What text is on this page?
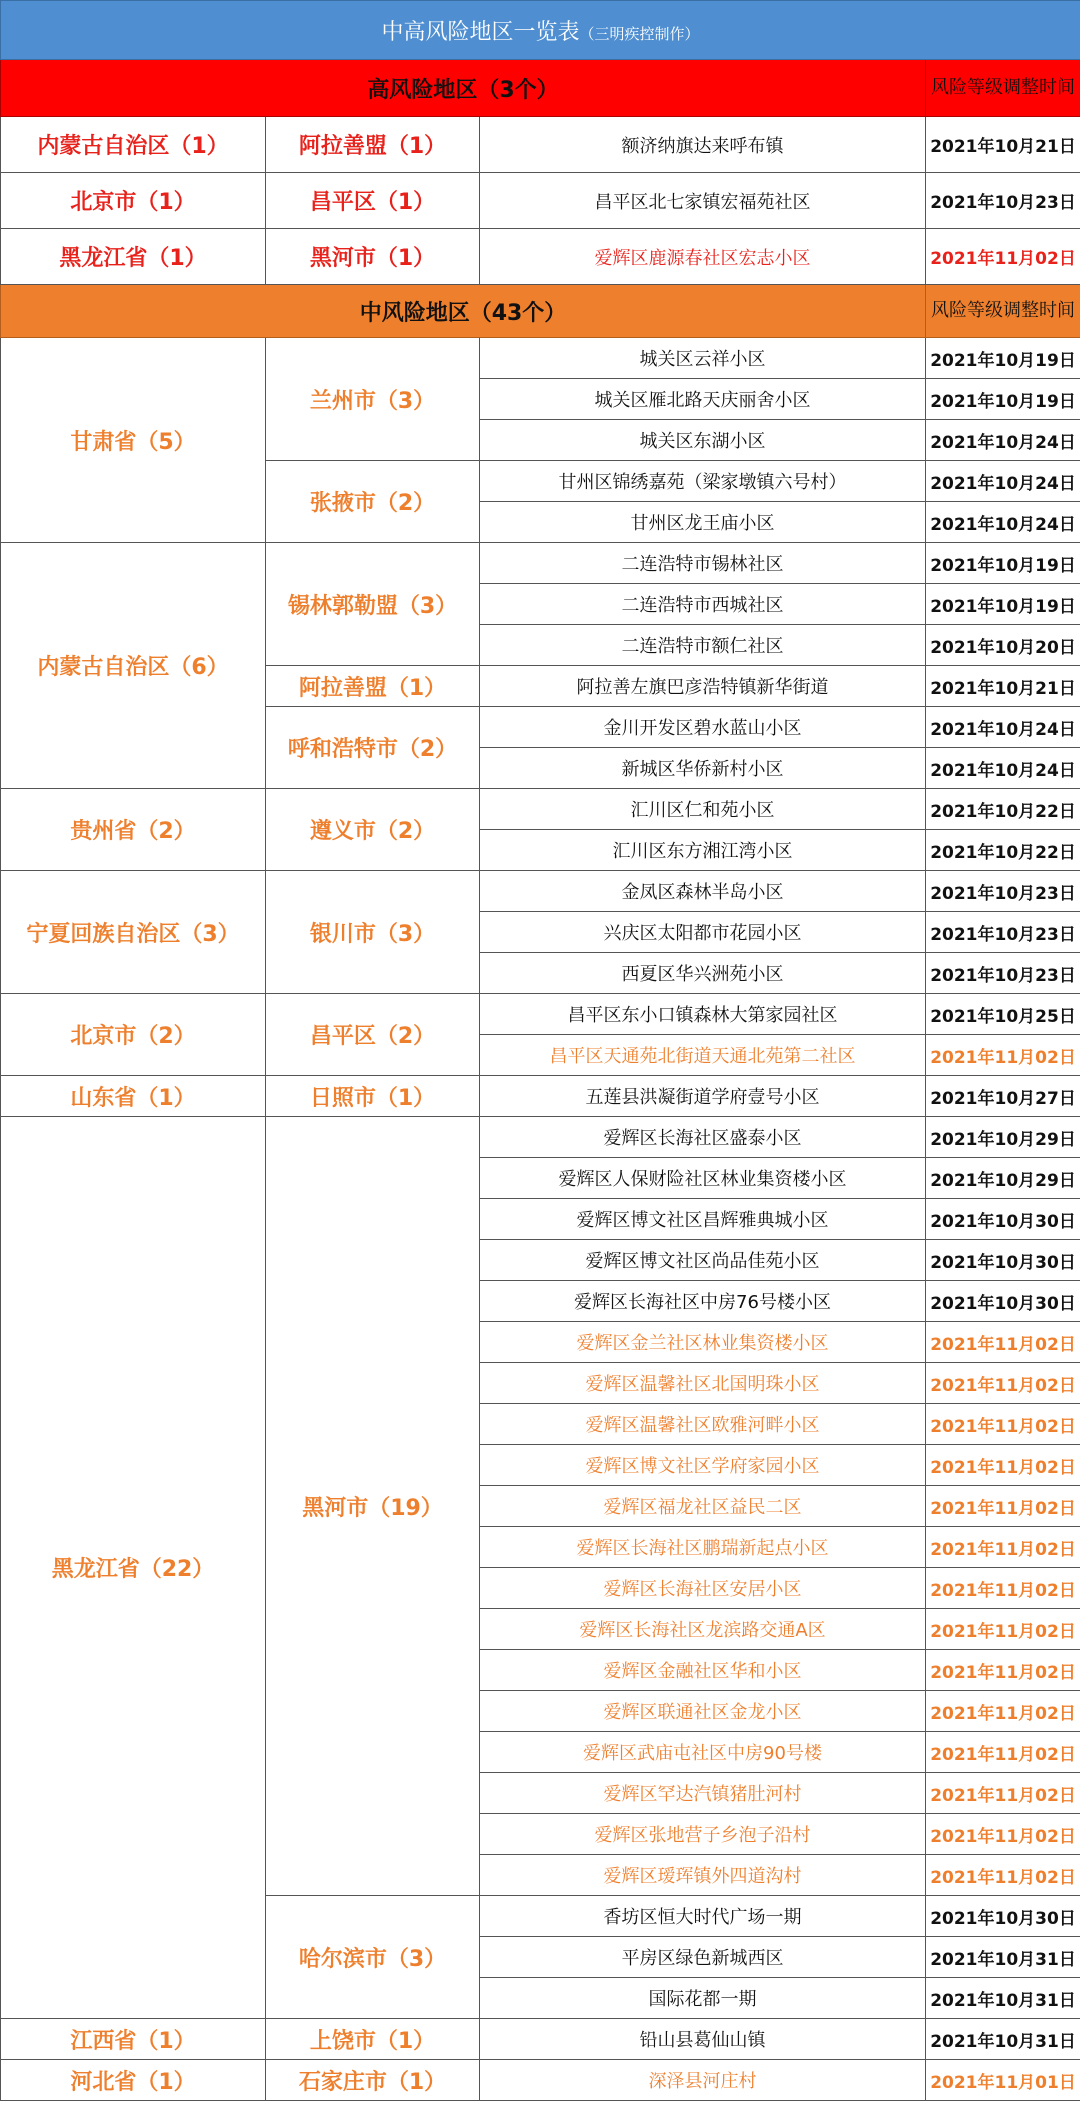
中高风险地区一览表（三明疾控制作）			
高风险地区（3个）			风险等级调整时间
内蒙古自治区（1）	阿拉善盟（1）	额济纳旗达来呼布镇	2021年10月21日
北京市（1）	昌平区（1）	昌平区北七家镇宏福苑社区	2021年10月23日
黑龙江省（1）	黑河市（1）	爱辉区鹿源春社区宏志小区	2021年11月02日
中风险地区（43个）			风险等级调整时间
甘肃省（5）	兰州市（3）	城关区云祥小区	2021年10月19日
		城关区雁北路天庆丽舍小区	2021年10月19日
		城关区东湖小区	2021年10月24日
	张掖市（2）	甘州区锦绣嘉苑（梁家墩镇六号村）	2021年10月24日
		甘州区龙王庙小区	2021年10月24日
内蒙古自治区（6）	锡林郭勒盟（3）	二连浩特市锡林社区	2021年10月19日
		二连浩特市西城社区	2021年10月19日
		二连浩特市额仁社区	2021年10月20日
	阿拉善盟（1）	阿拉善左旗巴彦浩特镇新华街道	2021年10月21日
	呼和浩特市（2）	金川开发区碧水蓝山小区	2021年10月24日
		新城区华侨新村小区	2021年10月24日
贵州省（2）	遵义市（2）	汇川区仁和苑小区	2021年10月22日
		汇川区东方湘江湾小区	2021年10月22日
宁夏回族自治区（3）	银川市（3）	金凤区森林半岛小区	2021年10月23日
		兴庆区太阳都市花园小区	2021年10月23日
		西夏区华兴洲苑小区	2021年10月23日
北京市（2）	昌平区（2）	昌平区东小口镇森林大第家园社区	2021年10月25日
		昌平区天通苑北街道天通北苑第二社区	2021年11月02日
山东省（1）	日照市（1）	五莲县洪凝街道学府壹号小区	2021年10月27日
黑龙江省（22）	黑河市（19）	爱辉区长海社区盛泰小区	2021年10月29日
		爱辉区人保财险社区林业集资楼小区	2021年10月29日
		爱辉区博文社区昌辉雅典城小区	2021年10月30日
		爱辉区博文社区尚品佳苑小区	2021年10月30日
		爱辉区长海社区中房76号楼小区	2021年10月30日
		爱辉区金兰社区林业集资楼小区	2021年11月02日
		爱辉区温馨社区北国明珠小区	2021年11月02日
		爱辉区温馨社区欧雅河畔小区	2021年11月02日
		爱辉区博文社区学府家园小区	2021年11月02日
		爱辉区福龙社区益民二区	2021年11月02日
		爱辉区长海社区鹏瑞新起点小区	2021年11月02日
		爱辉区长海社区安居小区	2021年11月02日
		爱辉区长海社区龙滨路交通A区	2021年11月02日
		爱辉区金融社区华和小区	2021年11月02日
		爱辉区联通社区金龙小区	2021年11月02日
		爱辉区武庙屯社区中房90号楼	2021年11月02日
		爱辉区罕达汽镇猪肚河村	2021年11月02日
		爱辉区张地营子乡泡子沿村	2021年11月02日
		爱辉区瑷珲镇外四道沟村	2021年11月02日
	哈尔滨市（3）	香坊区恒大时代广场一期	2021年10月30日
		平房区绿色新城西区	2021年10月31日
		国际花都一期	2021年10月31日
江西省（1）	上饶市（1）	铅山县葛仙山镇	2021年10月31日
河北省（1）	石家庄市（1）	深泽县河庄村	2021年11月01日
